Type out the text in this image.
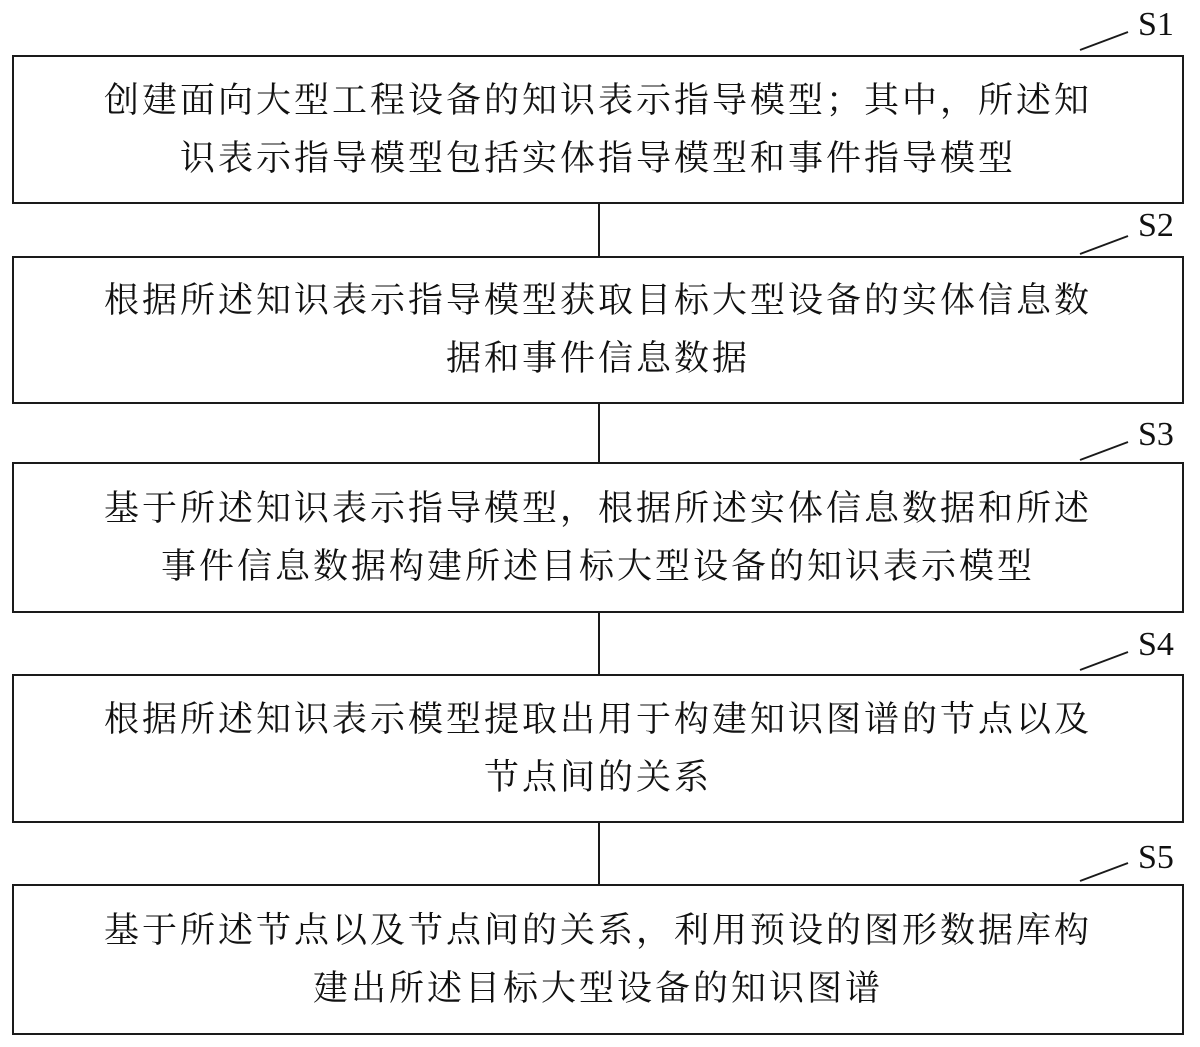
创建面向大型工程设备的知识表示指导模型；其中，所述知
识表示指导模型包括实体指导模型和事件指导模型
根据所述知识表示指导模型获取目标大型设备的实体信息数
据和事件信息数据
基于所述知识表示指导模型，根据所述实体信息数据和所述
事件信息数据构建所述目标大型设备的知识表示模型
根据所述知识表示模型提取出用于构建知识图谱的节点以及
节点间的关系
基于所述节点以及节点间的关系，利用预设的图形数据库构
建出所述目标大型设备的知识图谱
S1
S2
S3
S4
S5
